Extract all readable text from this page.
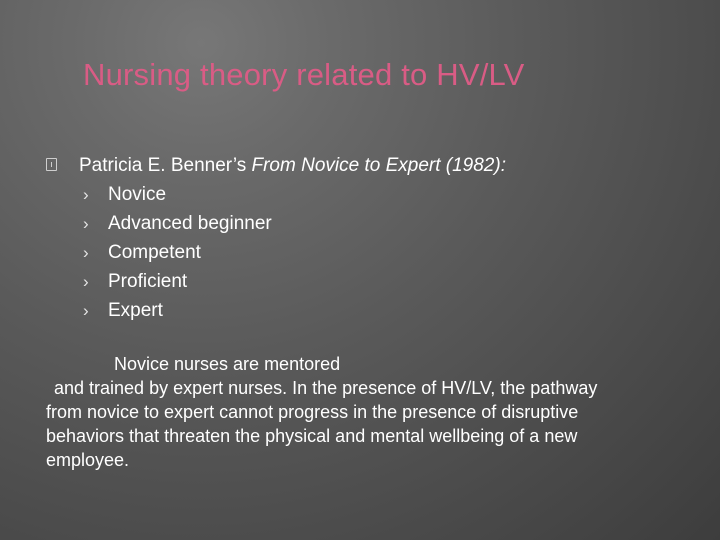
Nursing theory related to HV/LV
Patricia E. Benner’s From Novice to Expert (1982):
› Novice
› Advanced beginner
› Competent
› Proficient
› Expert
Novice nurses are mentored
and trained by expert nurses. In the presence of HV/LV, the pathway
from novice to expert cannot progress in the presence of disruptive
behaviors that threaten the physical and mental wellbeing of a new
employee.
